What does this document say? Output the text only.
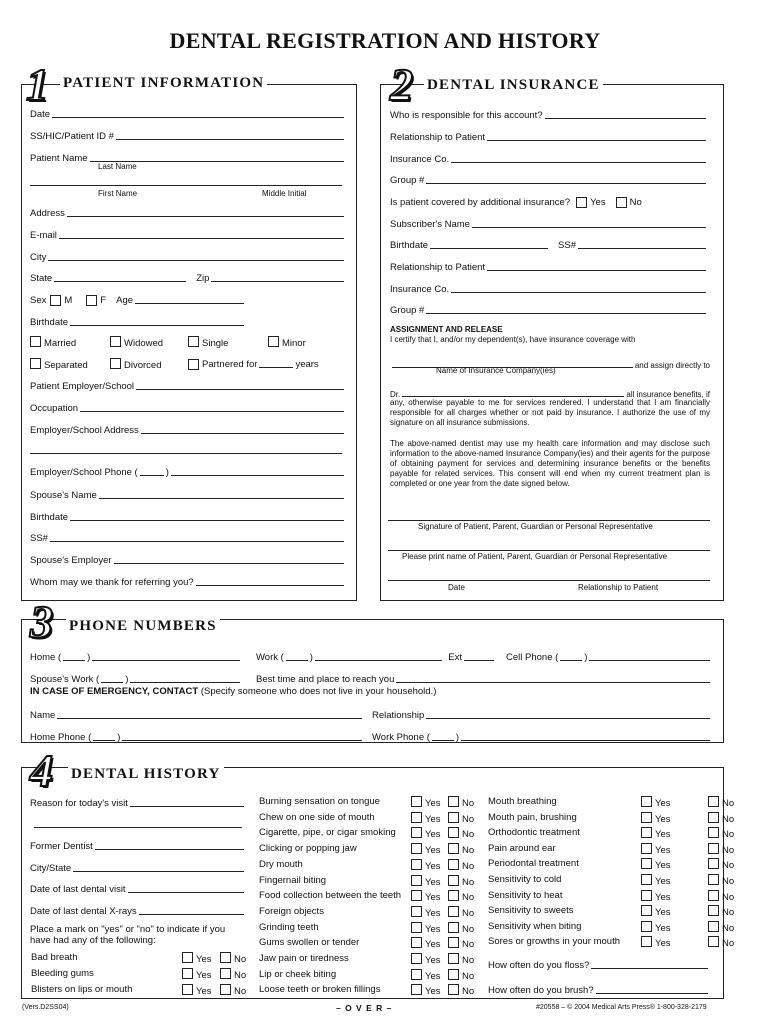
DENTAL REGISTRATION AND HISTORY
1 PATIENT INFORMATION
Date
SS/HIC/Patient ID #
Patient Name
Last Name
First Name	Middle Initial
Address
E-mail
City
State	Zip
Sex M	F Age
Birthdate
Married	Widowed	Single	Minor
Separated	Divorced	Partnered for	years
Patient Employer/School
Occupation
Employer/School Address
Employer/School Phone (	)
Spouse's Name
Birthdate
SS#
Spouse's Employer
Whom may we thank for referring you?
2 DENTAL INSURANCE
Who is responsible for this account?
Relationship to Patient
Insurance Co.
Group #
Is patient covered by additional insurance? Yes	No
Subscriber's Name
Birthdate	SS#
Relationship to Patient
Insurance Co.
Group #
ASSIGNMENT AND RELEASE
I certify that I, and/or my dependent(s), have insurance coverage with
and assign directly to
Name of Insurance Company(ies)
Dr.	all insurance benefits, if
any, otherwise payable to me for services rendered. I understand that I am financially responsible for all charges whether or not paid by insurance. I authorize the use of my signature on all insurance submissions.
The above-named dentist may use my health care information and may disclose such information to the above-named Insurance Company(ies) and their agents for the purpose of obtaining payment for services and determining insurance benefits or the benefits payable for related services. This consent will end when my current treatment plan is completed or one year from the date signed below.
Signature of Patient, Parent, Guardian or Personal Representative
Please print name of Patient, Parent, Guardian or Personal Representative
Date	Relationship to Patient
3 PHONE NUMBERS
Home (	)	Work (	)	Ext	Cell Phone (	)
Spouse's Work (	)	Best time and place to reach you
IN CASE OF EMERGENCY, CONTACT (Specify someone who does not live in your household.)
Name	Relationship
Home Phone (	)	Work Phone (	)
4 DENTAL HISTORY
Reason for today's visit
Former Dentist
City/State
Date of last dental visit
Date of last dental X-rays
Place a mark on "yes" or "no" to indicate if you have had any of the following:
Bad breath	Yes	No
Bleeding gums	Yes	No
Blisters on lips or mouth	Yes	No
Burning sensation on tongue	Yes	No
Chew on one side of mouth	Yes	No
Cigarette, pipe, or cigar smoking	Yes	No
Clicking or popping jaw	Yes	No
Dry mouth	Yes	No
Fingernail biting	Yes	No
Food collection between the teeth	Yes	No
Foreign objects	Yes	No
Grinding teeth	Yes	No
Gums swollen or tender	Yes	No
Jaw pain or tiredness	Yes	No
Lip or cheek biting	Yes	No
Loose teeth or broken fillings	Yes	No
Mouth breathing	Yes	No
Mouth pain, brushing	Yes	No
Orthodontic treatment	Yes	No
Pain around ear	Yes	No
Periodontal treatment	Yes	No
Sensitivity to cold	Yes	No
Sensitivity to heat	Yes	No
Sensitivity to sweets	Yes	No
Sensitivity when biting	Yes	No
Sores or growths in your mouth	Yes	No
How often do you floss?
How often do you brush?
(Vers.D2SS04)	– O V E R –	#20558 – © 2004 Medical Arts Press® 1-800-328-2179
